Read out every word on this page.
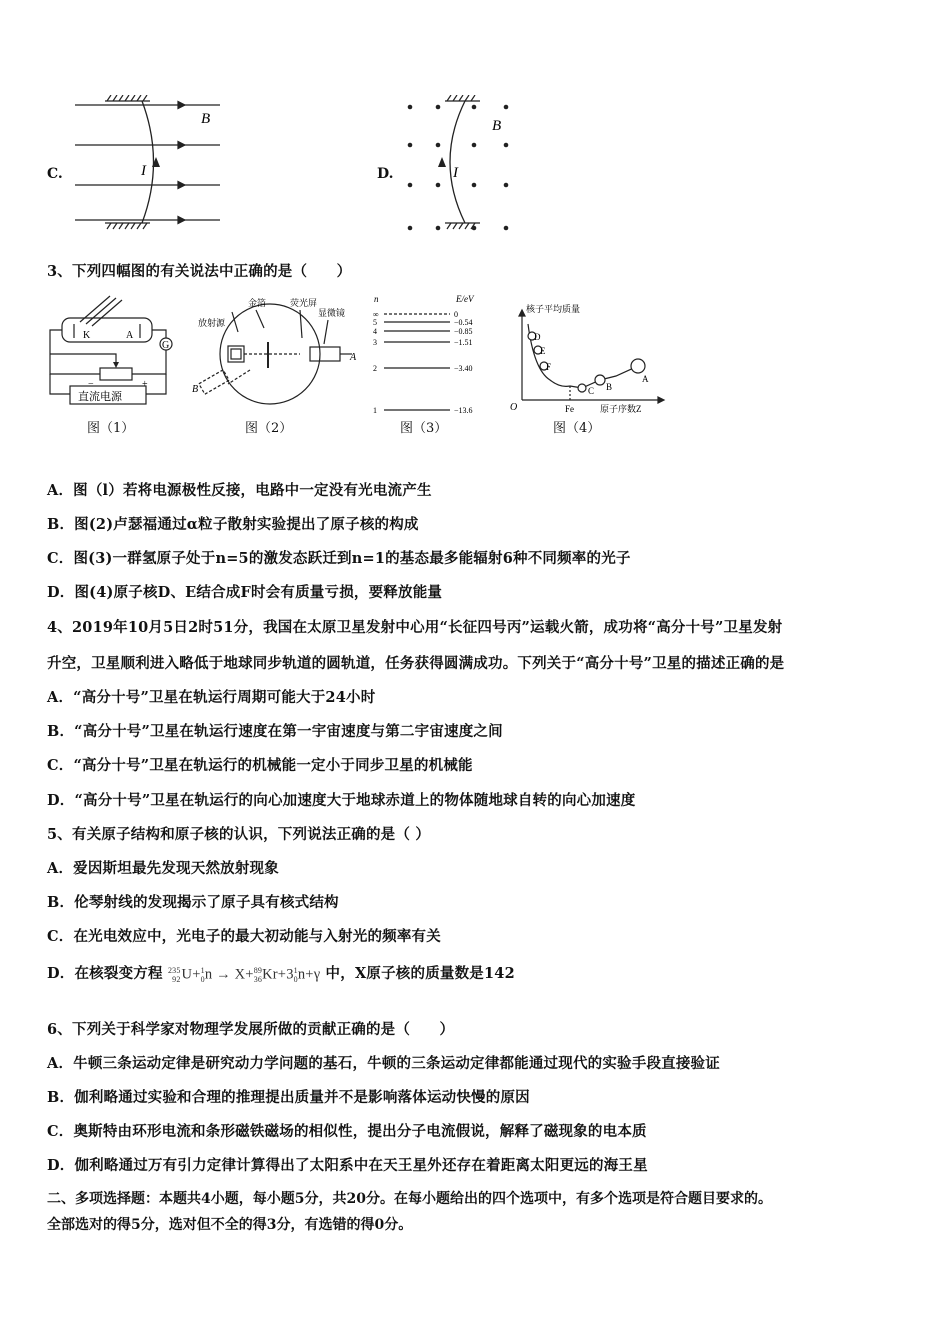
C.
B
I	D.
B
I
3、下列四幅图的有关说法中正确的是（　　）
K	A
G
−	+
直流电源
图（1）
金箔	荧光屏
显微镜
放射源
A
B
图（2）
n	E/eV
∞	0
5	−0.54
4	−0.85
3	−1.51
2	−3.40
1	−13.6
图（3）
核子平均质量
O	Fe	原子序数Z
D
E
F
C B
A
图（4）
A．图（l）若将电源极性反接，电路中一定没有光电流产生
B．图(2)卢瑟福通过α粒子散射实验提出了原子核的构成
C．图(3)一群氢原子处于n=5的激发态跃迁到n=1的基态最多能辐射6种不同频率的光子
D．图(4)原子核D、E结合成F时会有质量亏损，要释放能量
4、2019年10月5日2时51分，我国在太原卫星发射中心用“长征四号丙”运载火箭，成功将“高分十号”卫星发射
升空，卫星顺利进入略低于地球同步轨道的圆轨道，任务获得圆满成功。下列关于“高分十号”卫星的描述正确的是
A．“高分十号”卫星在轨运行周期可能大于24小时
B．“高分十号”卫星在轨运行速度在第一宇宙速度与第二宇宙速度之间
C．“高分十号”卫星在轨运行的机械能一定小于同步卫星的机械能
D．“高分十号”卫星在轨运行的向心加速度大于地球赤道上的物体随地球自转的向心加速度
5、有关原子结构和原子核的认识，下列说法正确的是（ ）
A．爱因斯坦最先发现天然放射现象
B．伦琴射线的发现揭示了原子具有核式结构
C．在光电效应中，光电子的最大初动能与入射光的频率有关
D．在核裂变方程 235
92 U+ 1
0 n → X+ 89
36 Kr+3 1
0 n+γ 中，X原子核的质量数是142
6、下列关于科学家对物理学发展所做的贡献正确的是（　　）
A．牛顿三条运动定律是研究动力学问题的基石，牛顿的三条运动定律都能通过现代的实验手段直接验证
B．伽利略通过实验和合理的推理提出质量并不是影响落体运动快慢的原因
C．奥斯特由环形电流和条形磁铁磁场的相似性，提出分子电流假说，解释了磁现象的电本质
D．伽利略通过万有引力定律计算得出了太阳系中在天王星外还存在着距离太阳更远的海王星
二、多项选择题：本题共4小题，每小题5分，共20分。在每小题给出的四个选项中，有多个选项是符合题目要求的。
全部选对的得5分，选对但不全的得3分，有选错的得0分。
